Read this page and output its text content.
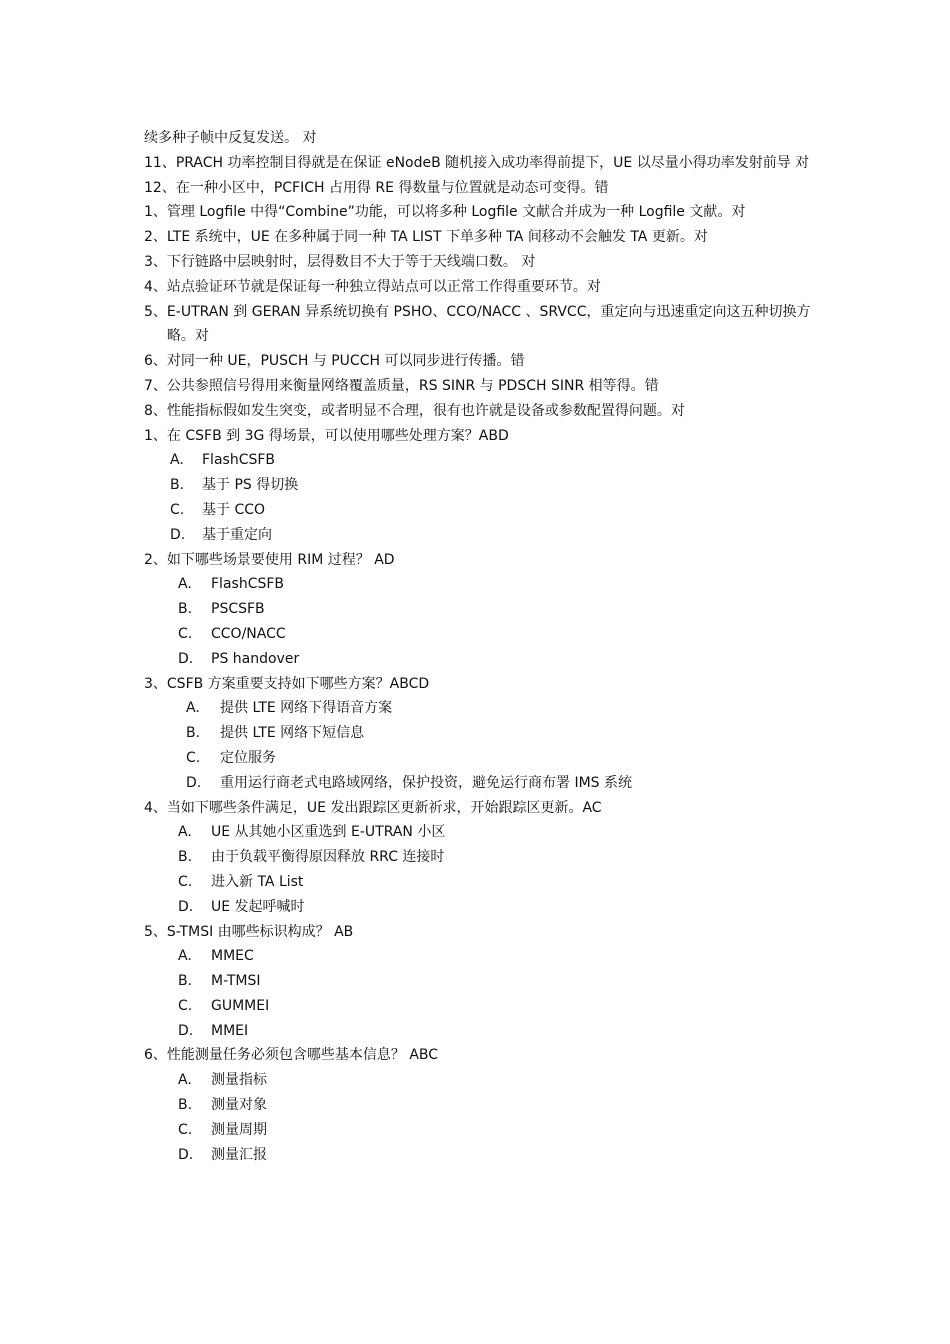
续多种子帧中反复发送。 对
11、PRACH 功率控制目得就是在保证 eNodeB 随机接入成功率得前提下，UE 以尽量小得功率发射前导 对
12、在一种小区中，PCFICH 占用得 RE 得数量与位置就是动态可变得。错
1、 管理 Logfile 中得“Combine”功能，可以将多种 Logfile 文献合并成为一种 Logfile 文献。对
2、 LTE 系统中，UE 在多种属于同一种 TA LIST 下单多种 TA 间移动不会触发 TA 更新。对
3、 下行链路中层映射时，层得数目不大于等于天线端口数。 对
4、 站点验证环节就是保证每一种独立得站点可以正常工作得重要环节。对
5、 E-UTRAN 到 GERAN 异系统切换有 PSHO、CCO/NACC 、SRVCC，重定向与迅速重定向这五种切换方略。对
6、 对同一种 UE，PUSCH 与 PUCCH 可以同步进行传播。错
7、 公共参照信号得用来衡量网络覆盖质量，RS SINR 与 PDSCH SINR 相等得。错
8、 性能指标假如发生突变，或者明显不合理，很有也许就是设备或参数配置得问题。对
1、在 CSFB 到 3G 得场景，可以使用哪些处理方案？ABD
A.	FlashCSFB
B.	基于 PS 得切换
C.	基于 CCO
D.	基于重定向
2、如下哪些场景要使用 RIM 过程？ AD
A.	FlashCSFB
B.	PSCSFB
C.	CCO/NACC
D.	PS handover
3、CSFB 方案重要支持如下哪些方案？ABCD
A.	提供 LTE 网络下得语音方案
B.	提供 LTE 网络下短信息
C.	定位服务
D.	重用运行商老式电路域网络，保护投资，避免运行商布署 IMS 系统
4、当如下哪些条件满足，UE 发出跟踪区更新祈求，开始跟踪区更新。AC
A.	UE 从其她小区重选到 E-UTRAN 小区
B.	由于负载平衡得原因释放 RRC 连接时
C.	进入新 TA List
D.	UE 发起呼喊时
5、S-TMSI 由哪些标识构成？ AB
A.	MMEC
B.	M-TMSI
C.	GUMMEI
D.	MMEI
6、性能测量任务必须包含哪些基本信息？ ABC
A.	测量指标
B.	测量对象
C.	测量周期
D.	测量汇报
